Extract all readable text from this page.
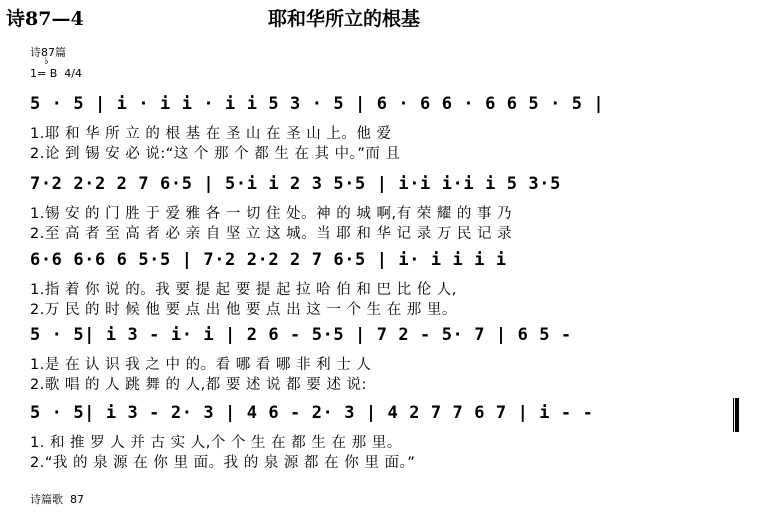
诗87—4	耶和华所立的根基
诗87篇
♭
1= B  4/4
5 · 5 | i · i i · i i 5 3 · 5 | 6 · 6 6 · 6 6 5 · 5 |
1.耶 和 华 所 立 的 根 基 在 圣 山 在 圣 山 上。他 爱
2.论 到 锡 安 必 说:“这 个 那 个 都 生 在 其 中。”而 且
7·2 2·2 2 7 6·5 | 5·i i 2 3 5·5 | i·i i·i i 5 3·5
1.锡 安 的 门 胜 于 爱 雅 各 一 切 住 处。神 的 城 啊,有 荣 耀 的 事 乃
2.至 高 者 至 高 者 必 亲 自 坚 立 这 城。当 耶 和 华 记 录 万 民 记 录
6·6 6·6 6 5·5 | 7·2 2·2 2 7 6·5 | i· i i i i
1.指 着 你 说 的。我 要 提 起 要 提 起 拉 哈 伯 和 巴 比 伦 人,
2.万 民 的 时 候 他 要 点 出 他 要 点 出 这 一 个 生 在 那 里。
5 · 5| i 3 - i· i | 2 6 - 5·5 | 7 2 - 5· 7 | 6 5 -
1.是 在 认 识 我 之 中 的。看 哪 看 哪 非 利 士 人
2.歌 唱 的 人 跳 舞 的 人,都 要 述 说 都 要 述 说:
5 · 5| i 3 - 2· 3 | 4 6 - 2· 3 | 4 2 7 7 6 7 | i - -
1. 和 推 罗 人 并 古 实 人,个 个 生 在 都 生 在 那 里。
2.“我 的 泉 源 在 你 里 面。我 的 泉 源 都 在 你 里 面。”
诗篇歌  87
